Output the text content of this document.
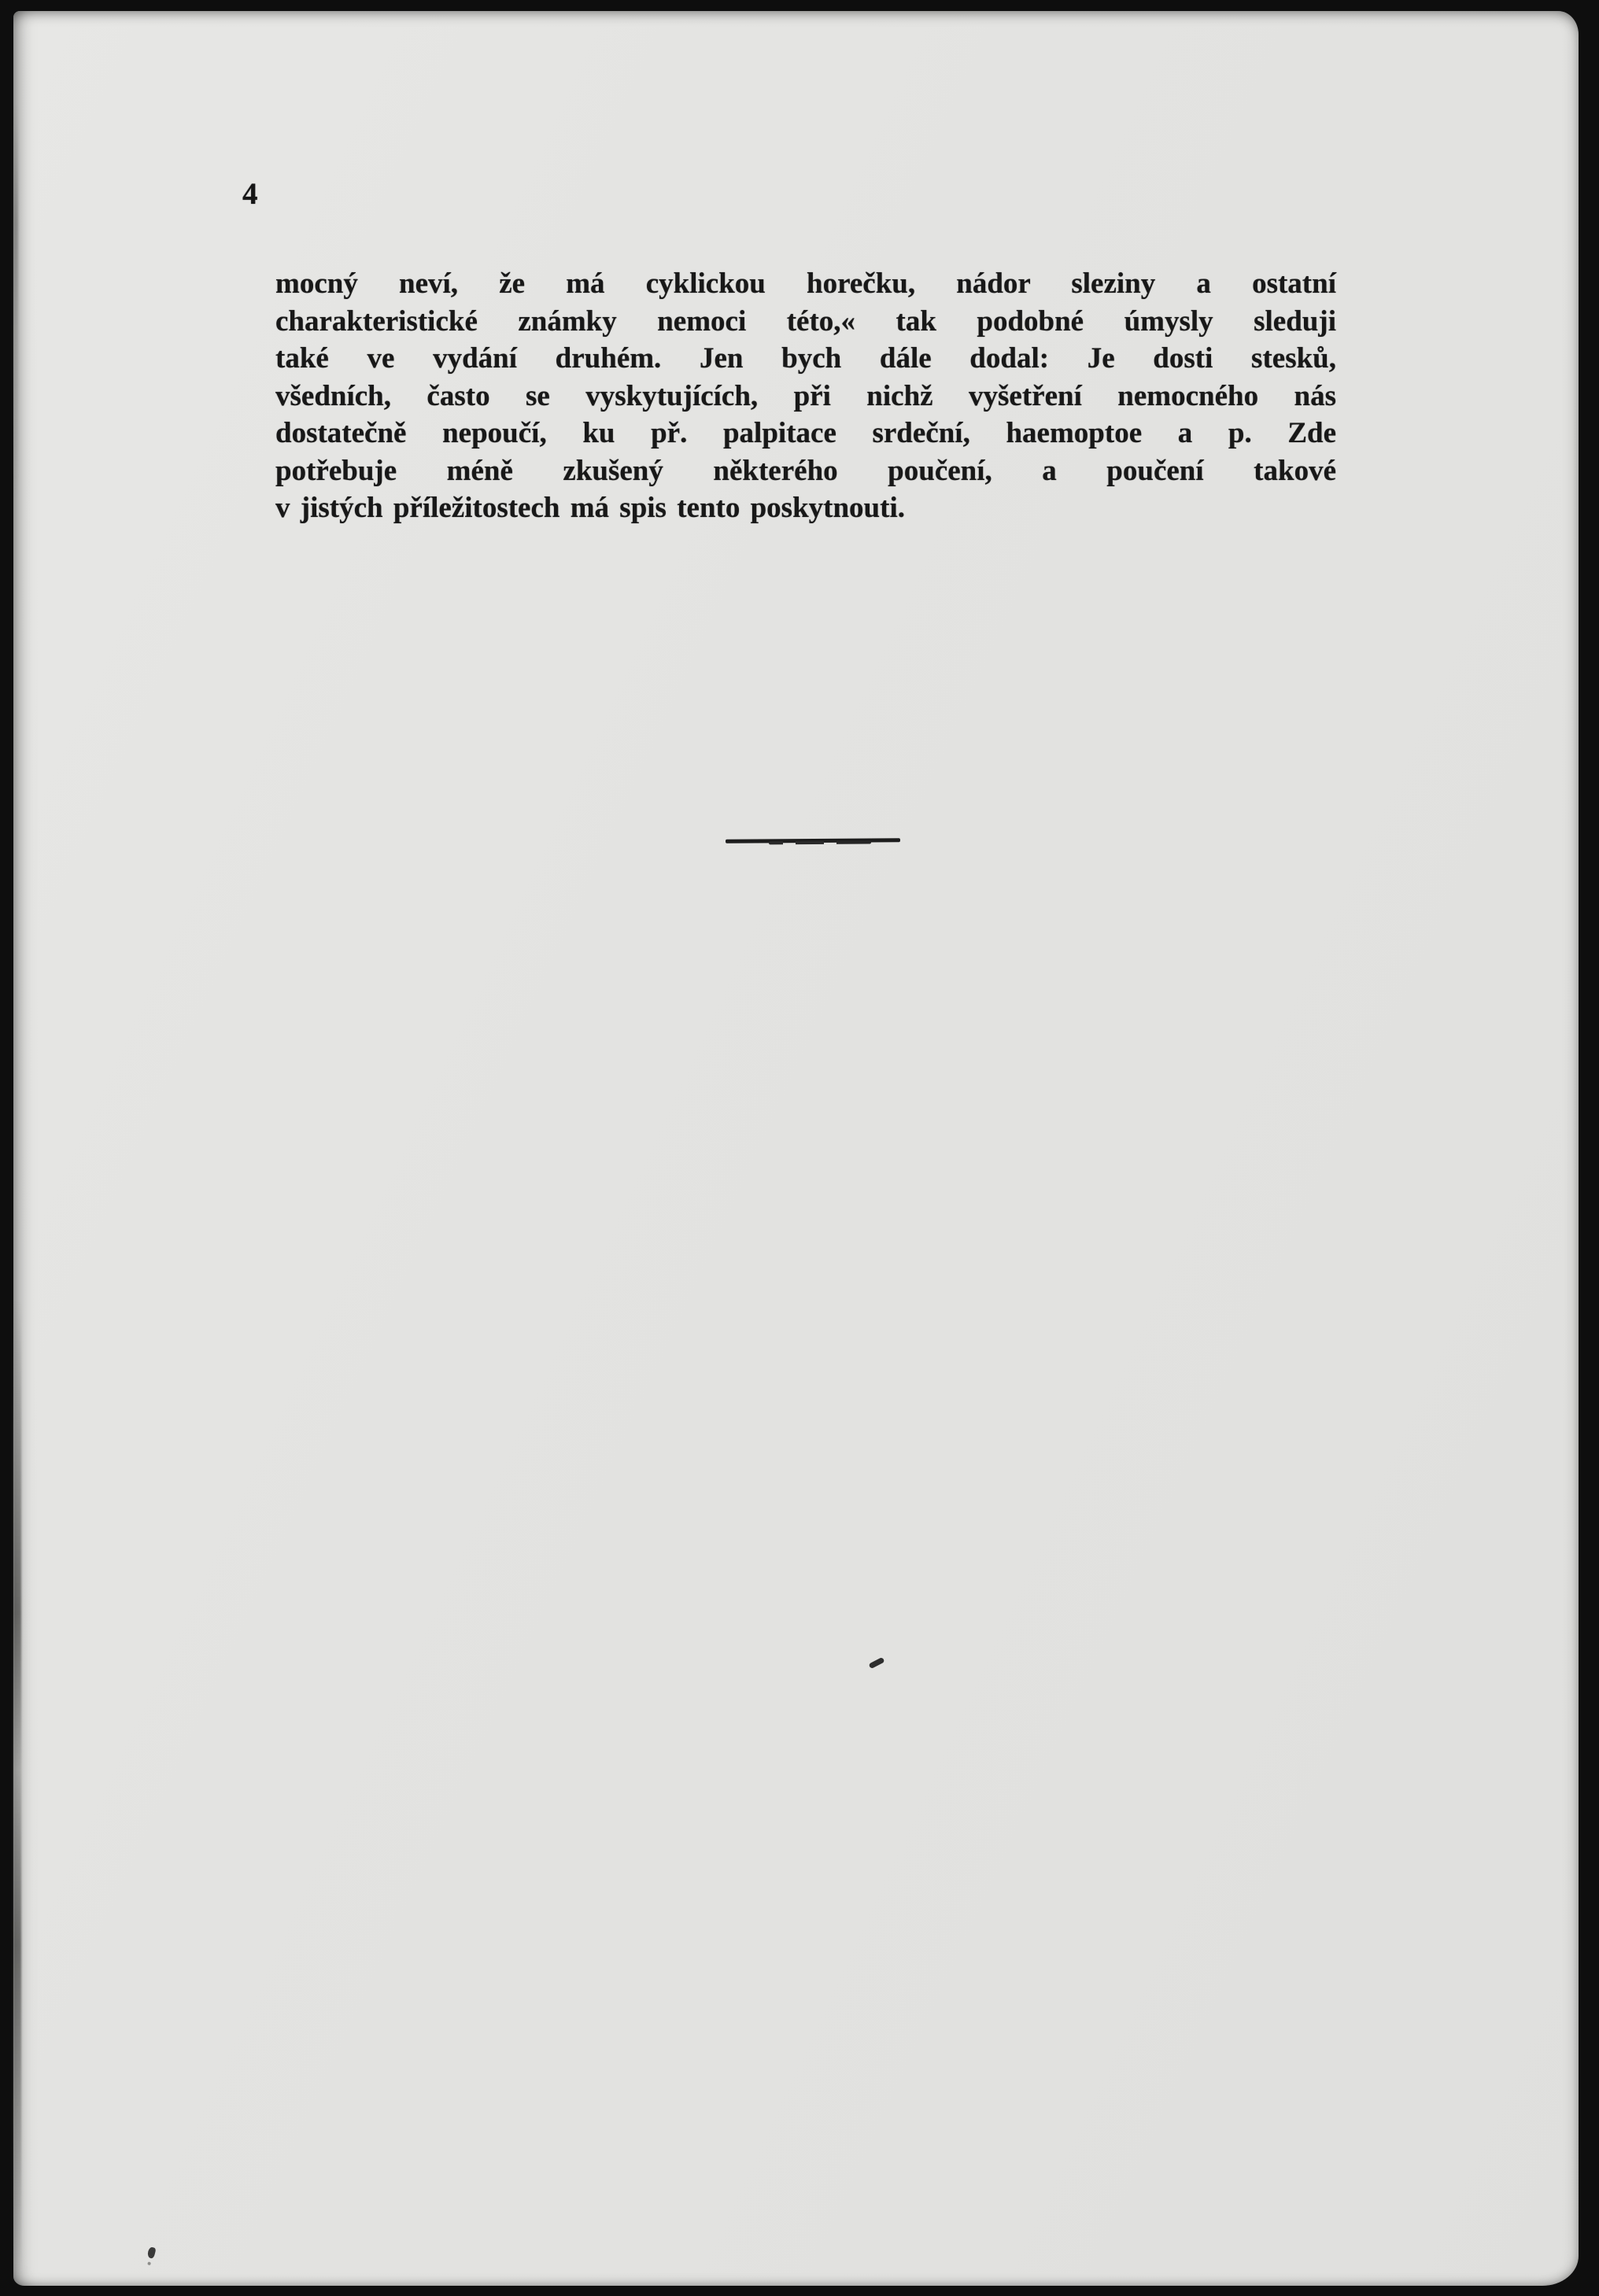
4
mocný neví, že má cyklickou horečku, nádor sleziny a ostatní
charakteristické známky nemoci této,« tak podobné úmysly sleduji
také ve vydání druhém. Jen bych dále dodal: Je dosti stesků,
všedních, často se vyskytujících, při nichž vyšetření nemocného nás
dostatečně nepoučí, ku př. palpitace srdeční, haemoptoe a p. Zde
potřebuje méně zkušený některého poučení, a poučení takové
v jistých příležitostech má spis tento poskytnouti.
